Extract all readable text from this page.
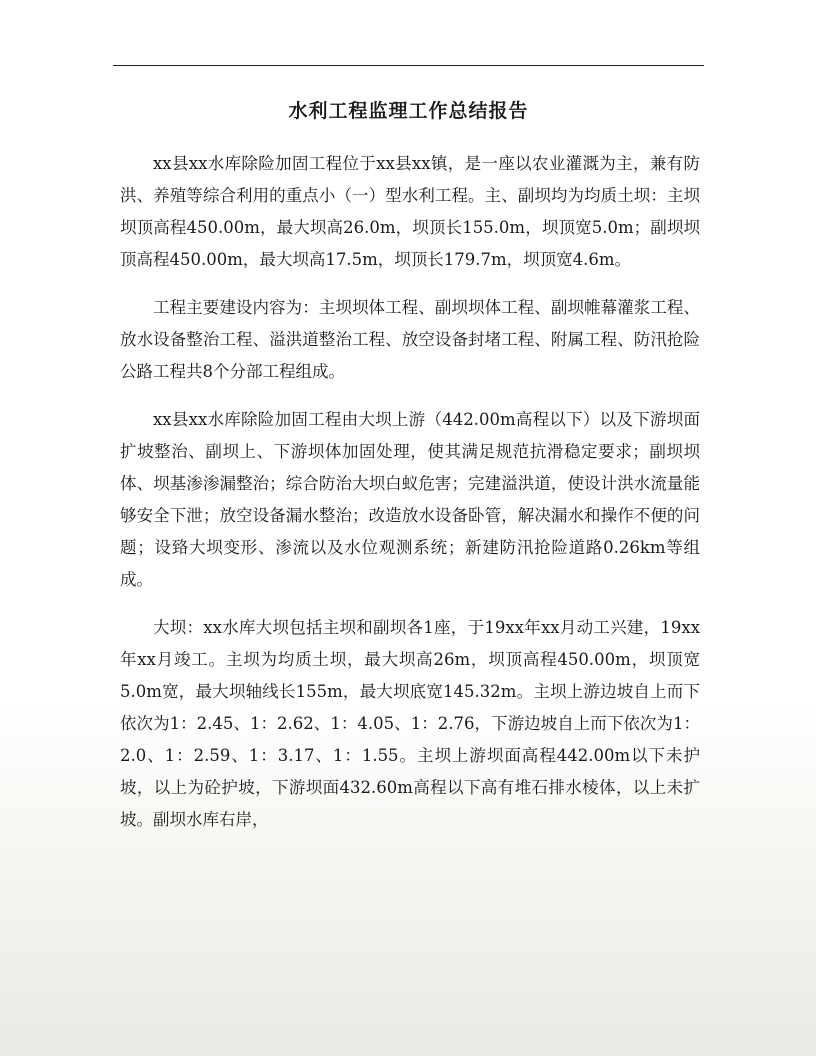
水利工程监理工作总结报告

xx县xx水库除险加固工程位于xx县xx镇，是一座以农业灌溉为主，兼有防洪、养殖等综合利用的重点小（一）型水利工程。主、副坝均为均质土坝：主坝坝顶高程450.00m，最大坝高26.0m，坝顶长155.0m，坝顶宽5.0m；副坝坝顶高程450.00m，最大坝高17.5m，坝顶长179.7m，坝顶宽4.6m。

工程主要建设内容为：主坝坝体工程、副坝坝体工程、副坝帷幕灌浆工程、放水设备整治工程、溢洪道整治工程、放空设备封堵工程、附属工程、防汛抢险公路工程共8个分部工程组成。

xx县xx水库除险加固工程由大坝上游（442.00m高程以下）以及下游坝面扩坡整治、副坝上、下游坝体加固处理，使其满足规范抗滑稳定要求；副坝坝体、坝基渗渗漏整治；综合防治大坝白蚁危害；完建溢洪道，使设计洪水流量能够安全下泄；放空设备漏水整治；改造放水设备卧管，解决漏水和操作不便的问题；设臵大坝变形、渗流以及水位观测系统；新建防汛抢险道路0.26km等组成。

大坝：xx水库大坝包括主坝和副坝各1座，于19xx年xx月动工兴建，19xx年xx月竣工。主坝为均质土坝，最大坝高26m，坝顶高程450.00m，坝顶宽5.0m宽，最大坝轴线长155m，最大坝底宽145.32m。主坝上游边坡自上而下依次为1：2.45、1：2.62、1：4.05、1：2.76，下游边坡自上而下依次为1：2.0、1：2.59、1：3.17、1：1.55。主坝上游坝面高程442.00m以下未护坡，以上为砼护坡，下游坝面432.60m高程以下高有堆石排水棱体，以上未扩坡。副坝水库右岸，
